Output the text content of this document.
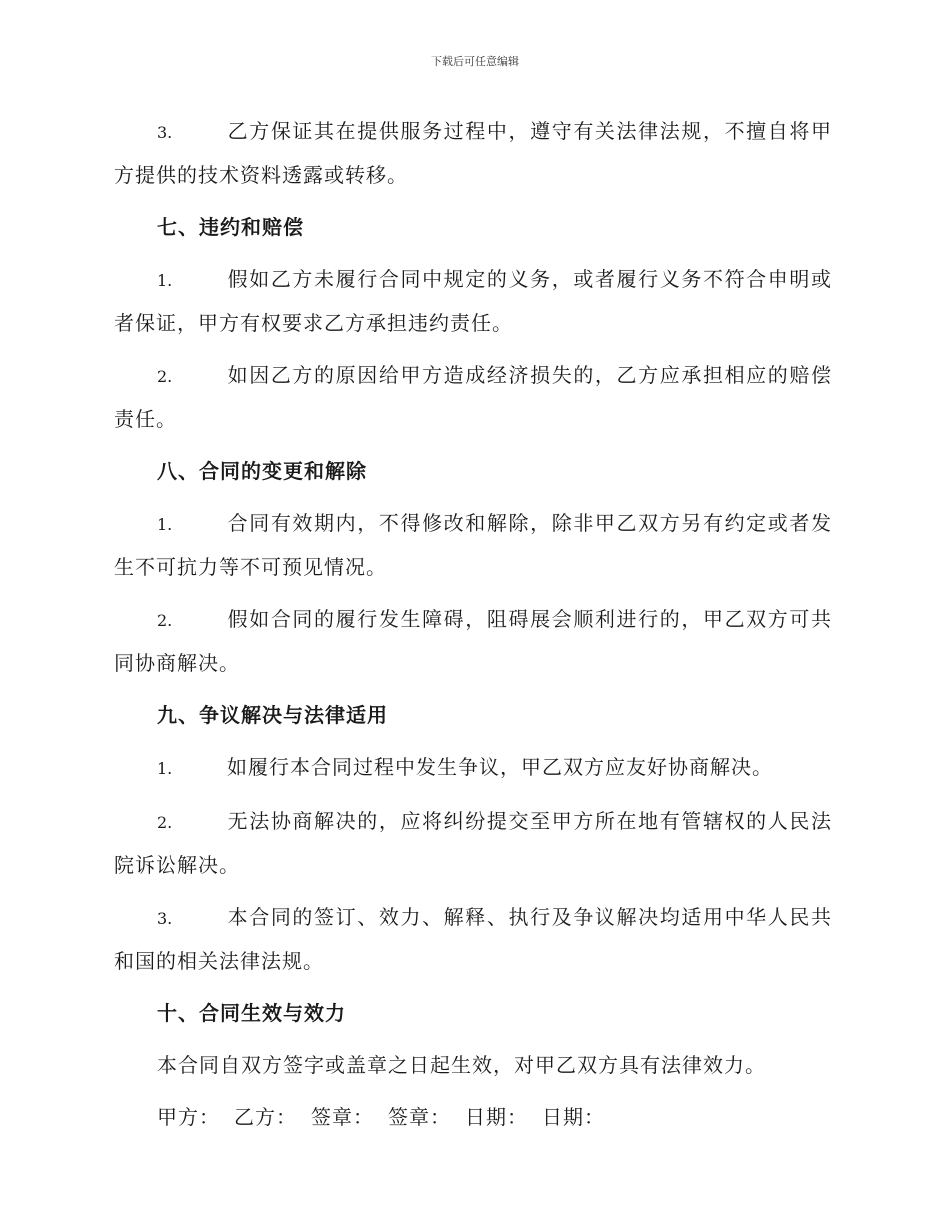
下载后可任意编辑
3.	乙方保证其在提供服务过程中，遵守有关法律法规，不擅自将甲方提供的技术资料透露或转移。
七、违约和赔偿
1.	假如乙方未履行合同中规定的义务，或者履行义务不符合申明或者保证，甲方有权要求乙方承担违约责任。
2.	如因乙方的原因给甲方造成经济损失的，乙方应承担相应的赔偿责任。
八、合同的变更和解除
1.	合同有效期内，不得修改和解除，除非甲乙双方另有约定或者发生不可抗力等不可预见情况。
2.	假如合同的履行发生障碍，阻碍展会顺利进行的，甲乙双方可共同协商解决。
九、争议解决与法律适用
1.	如履行本合同过程中发生争议，甲乙双方应友好协商解决。
2.	无法协商解决的，应将纠纷提交至甲方所在地有管辖权的人民法院诉讼解决。
3.	本合同的签订、效力、解释、执行及争议解决均适用中华人民共和国的相关法律法规。
十、合同生效与效力
本合同自双方签字或盖章之日起生效，对甲乙双方具有法律效力。
甲方： 乙方： 签章： 签章： 日期： 日期：
